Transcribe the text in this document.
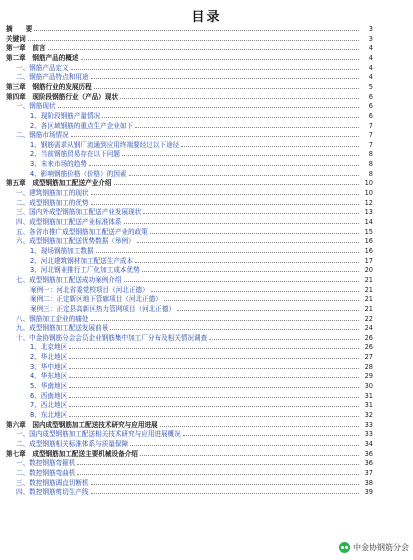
目录
摘　　要	3
关键词	3
第一章　前言	4
第二章　钢筋产品的概述	4
一、钢筋产品定义	4
二、钢筋产品特点和用途	4
第三章　钢筋行业的发展历程	5
第四章　现阶段钢筋行业（产品）现状	6
一、钢筋现状	6
1、现阶段钢筋产量情况	6
2、各区域钢筋的重点生产企业如下	7
二、钢筋市场情况	7
1、钢筋需求从钢厂流通到应用终端要经过以下途径	7
2、当前钢筋贸易存在以下问题	8
3、未来市场的趋势	8
4、影响钢筋价格（价格）的因素	8
第五章　成型钢筋加工配送产业介绍	10
一、建筑钢筋加工的现状	10
二、成型钢筋加工的优势	12
三、国内外成型钢筋加工配送产业发展现状	13
四、成型钢筋加工配送产业标准体系	14
五、各省市推广成型钢筋加工配送产业的政策	15
六、成型钢筋加工配送优势数据（举例）	16
1、现场钢筋加工数据	16
2、河北建筑钢材加工配送生产成本	17
3、河北钢业推行工厂化加工成本优势	20
七、成型钢筋加工配送成功案例介绍	21
案例一：河北省委党校项目（河北正德）	21
案例二：正定新区地下管廊项目（河北正德）	21
案例三：正定县高新区热力管网项目（河北正德）	21
八、钢筋加工企业的痛处	22
九、成型钢筋加工配送发展前景	24
十、中金协钢筋分会会员企业钢筋集中加工厂分布及相关情况调查	26
1、北京地区	26
2、华北地区	27
3、华中地区	28
4、华东地区	29
5、华南地区	30
6、西南地区	31
7、西北地区	31
8、东北地区	32
第六章　国内成型钢筋加工配送技术研究与应用进展	33
一、国内成型钢筋加工配送相关技术研究与应用进展概况	33
二、成型钢筋相关标准体系与质量保障	34
第七章　成型钢筋加工配送主要机械设备介绍	36
一、数控钢筋弯箍机	36
二、数控钢筋弯曲机	37
三、数控钢筋调直切断机	38
四、数控钢筋剪切生产线	39
中金协钢筋分会
